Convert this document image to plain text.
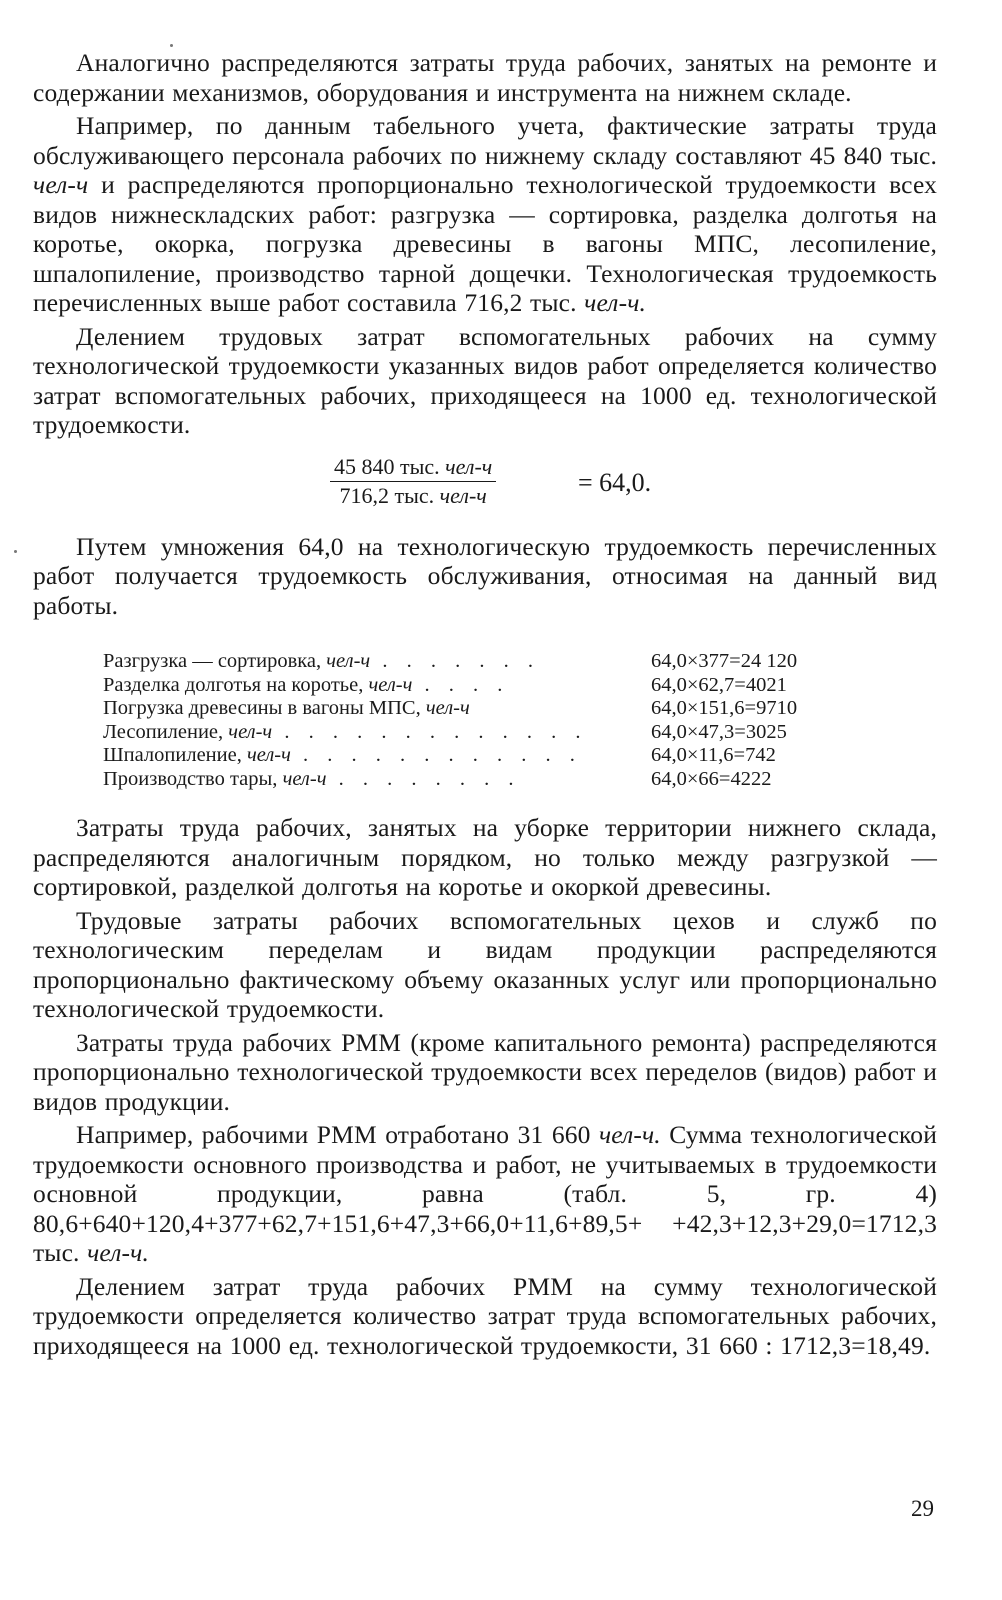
Аналогично распределяются затраты труда рабочих, занятых на ремонте и содержании механизмов, оборудования и инструмента на нижнем складе.

Например, по данным табельного учета, фактические затраты труда обслуживающего персонала рабочих по нижнему складу составляют 45 840 тыс. чел-ч и распределяются пропорционально технологической трудоемкости всех видов нижнескладских работ: разгрузка — сортировка, разделка долготья на коротье, окорка, погрузка древесины в вагоны МПС, лесопиление, шпалопиление, производство тарной дощечки. Технологическая трудоемкость перечисленных выше работ составила 716,2 тыс. чел-ч.

Делением трудовых затрат вспомогательных рабочих на сумму технологической трудоемкости указанных видов работ определяется количество затрат вспомогательных рабочих, приходящееся на 1000 ед. технологической трудоемкости.

45 840 тыс. чел-ч
716,2 тыс. чел-ч	= 64,0.

Путем умножения 64,0 на технологическую трудоемкость перечисленных работ получается трудоемкость обслуживания, относимая на данный вид работы.

Разгрузка — сортировка, чел-ч . . . . . . .	64,0×377=24 120
Разделка долготья на коротье, чел-ч . . . .	64,0×62,7=4021
Погрузка древесины в вагоны МПС, чел-ч	64,0×151,6=9710
Лесопиление, чел-ч . . . . . . . . . . . . .	64,0×47,3=3025
Шпалопиление, чел-ч . . . . . . . . . . . .	64,0×11,6=742
Производство тары, чел-ч . . . . . . . .	64,0×66=4222

Затраты труда рабочих, занятых на уборке территории нижнего склада, распределяются аналогичным порядком, но только между разгрузкой — сортировкой, разделкой долготья на коротье и окоркой древесины.

Трудовые затраты рабочих вспомогательных цехов и служб по технологическим переделам и видам продукции распределяются пропорционально фактическому объему оказанных услуг или пропорционально технологической трудоемкости.

Затраты труда рабочих РММ (кроме капитального ремонта) распределяются пропорционально технологической трудоемкости всех переделов (видов) работ и видов продукции.

Например, рабочими РММ отработано 31 660 чел-ч. Сумма технологической трудоемкости основного производства и работ, не учитываемых в трудоемкости основной продукции, равна (табл. 5, гр. 4) 80,6+640+120,4+377+62,7+151,6+47,3+66,0+11,6+89,5+ +42,3+12,3+29,0=1712,3 тыс. чел-ч.

Делением затрат труда рабочих РММ на сумму технологической трудоемкости определяется количество затрат труда вспомогательных рабочих, приходящееся на 1000 ед. технологической трудоемкости, 31 660 : 1712,3=18,49.

29
